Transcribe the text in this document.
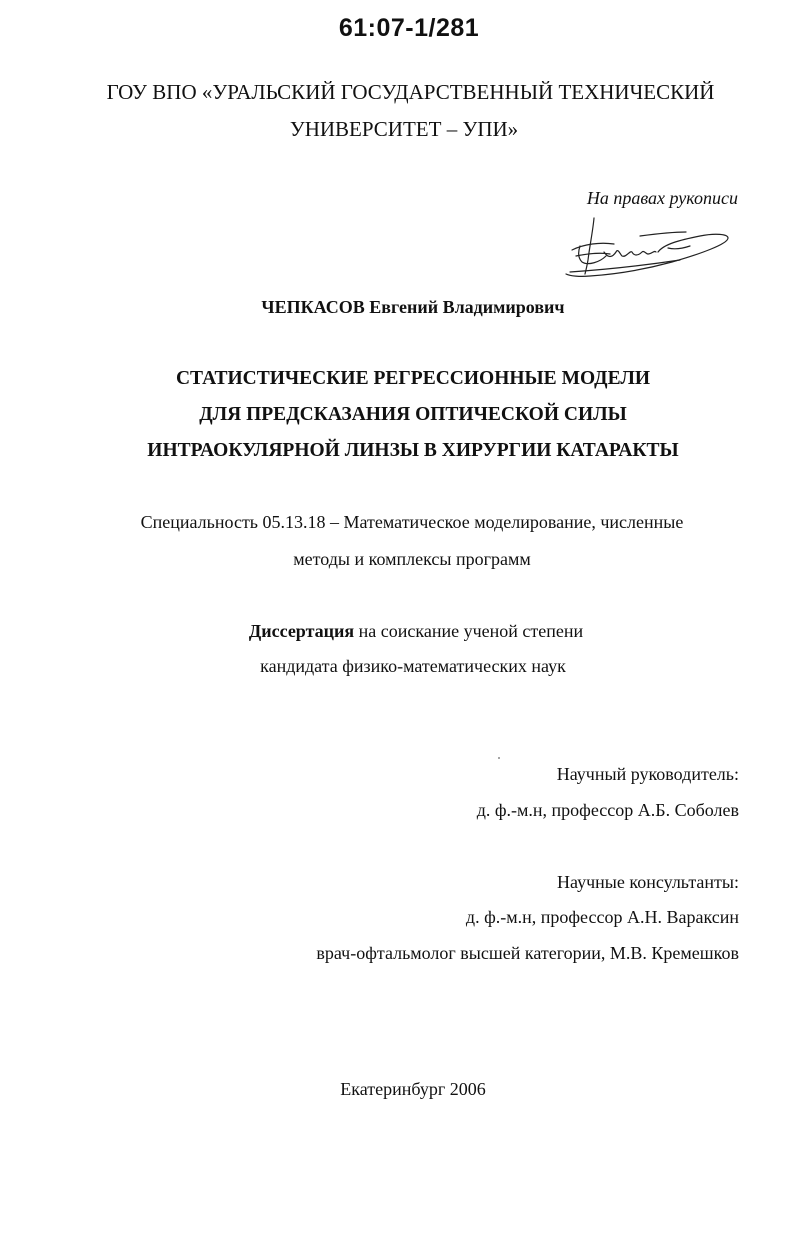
61:07-1/281
ГОУ ВПО «УРАЛЬСКИЙ ГОСУДАРСТВЕННЫЙ ТЕХНИЧЕСКИЙ
УНИВЕРСИТЕТ – УПИ»
На правах рукописи
ЧЕПКАСОВ Евгений Владимирович
СТАТИСТИЧЕСКИЕ РЕГРЕССИОННЫЕ МОДЕЛИ
ДЛЯ ПРЕДСКАЗАНИЯ ОПТИЧЕСКОЙ СИЛЫ
ИНТРАОКУЛЯРНОЙ ЛИНЗЫ В ХИРУРГИИ КАТАРАКТЫ
Специальность 05.13.18 – Математическое моделирование, численные
методы и комплексы программ
Диссертация на соискание ученой степени
кандидата физико-математических наук
Научный руководитель:
д. ф.-м.н, профессор А.Б. Соболев
Научные консультанты:
д. ф.-м.н, профессор А.Н. Вараксин
врач-офтальмолог высшей категории, М.В. Кремешков
Екатеринбург 2006
